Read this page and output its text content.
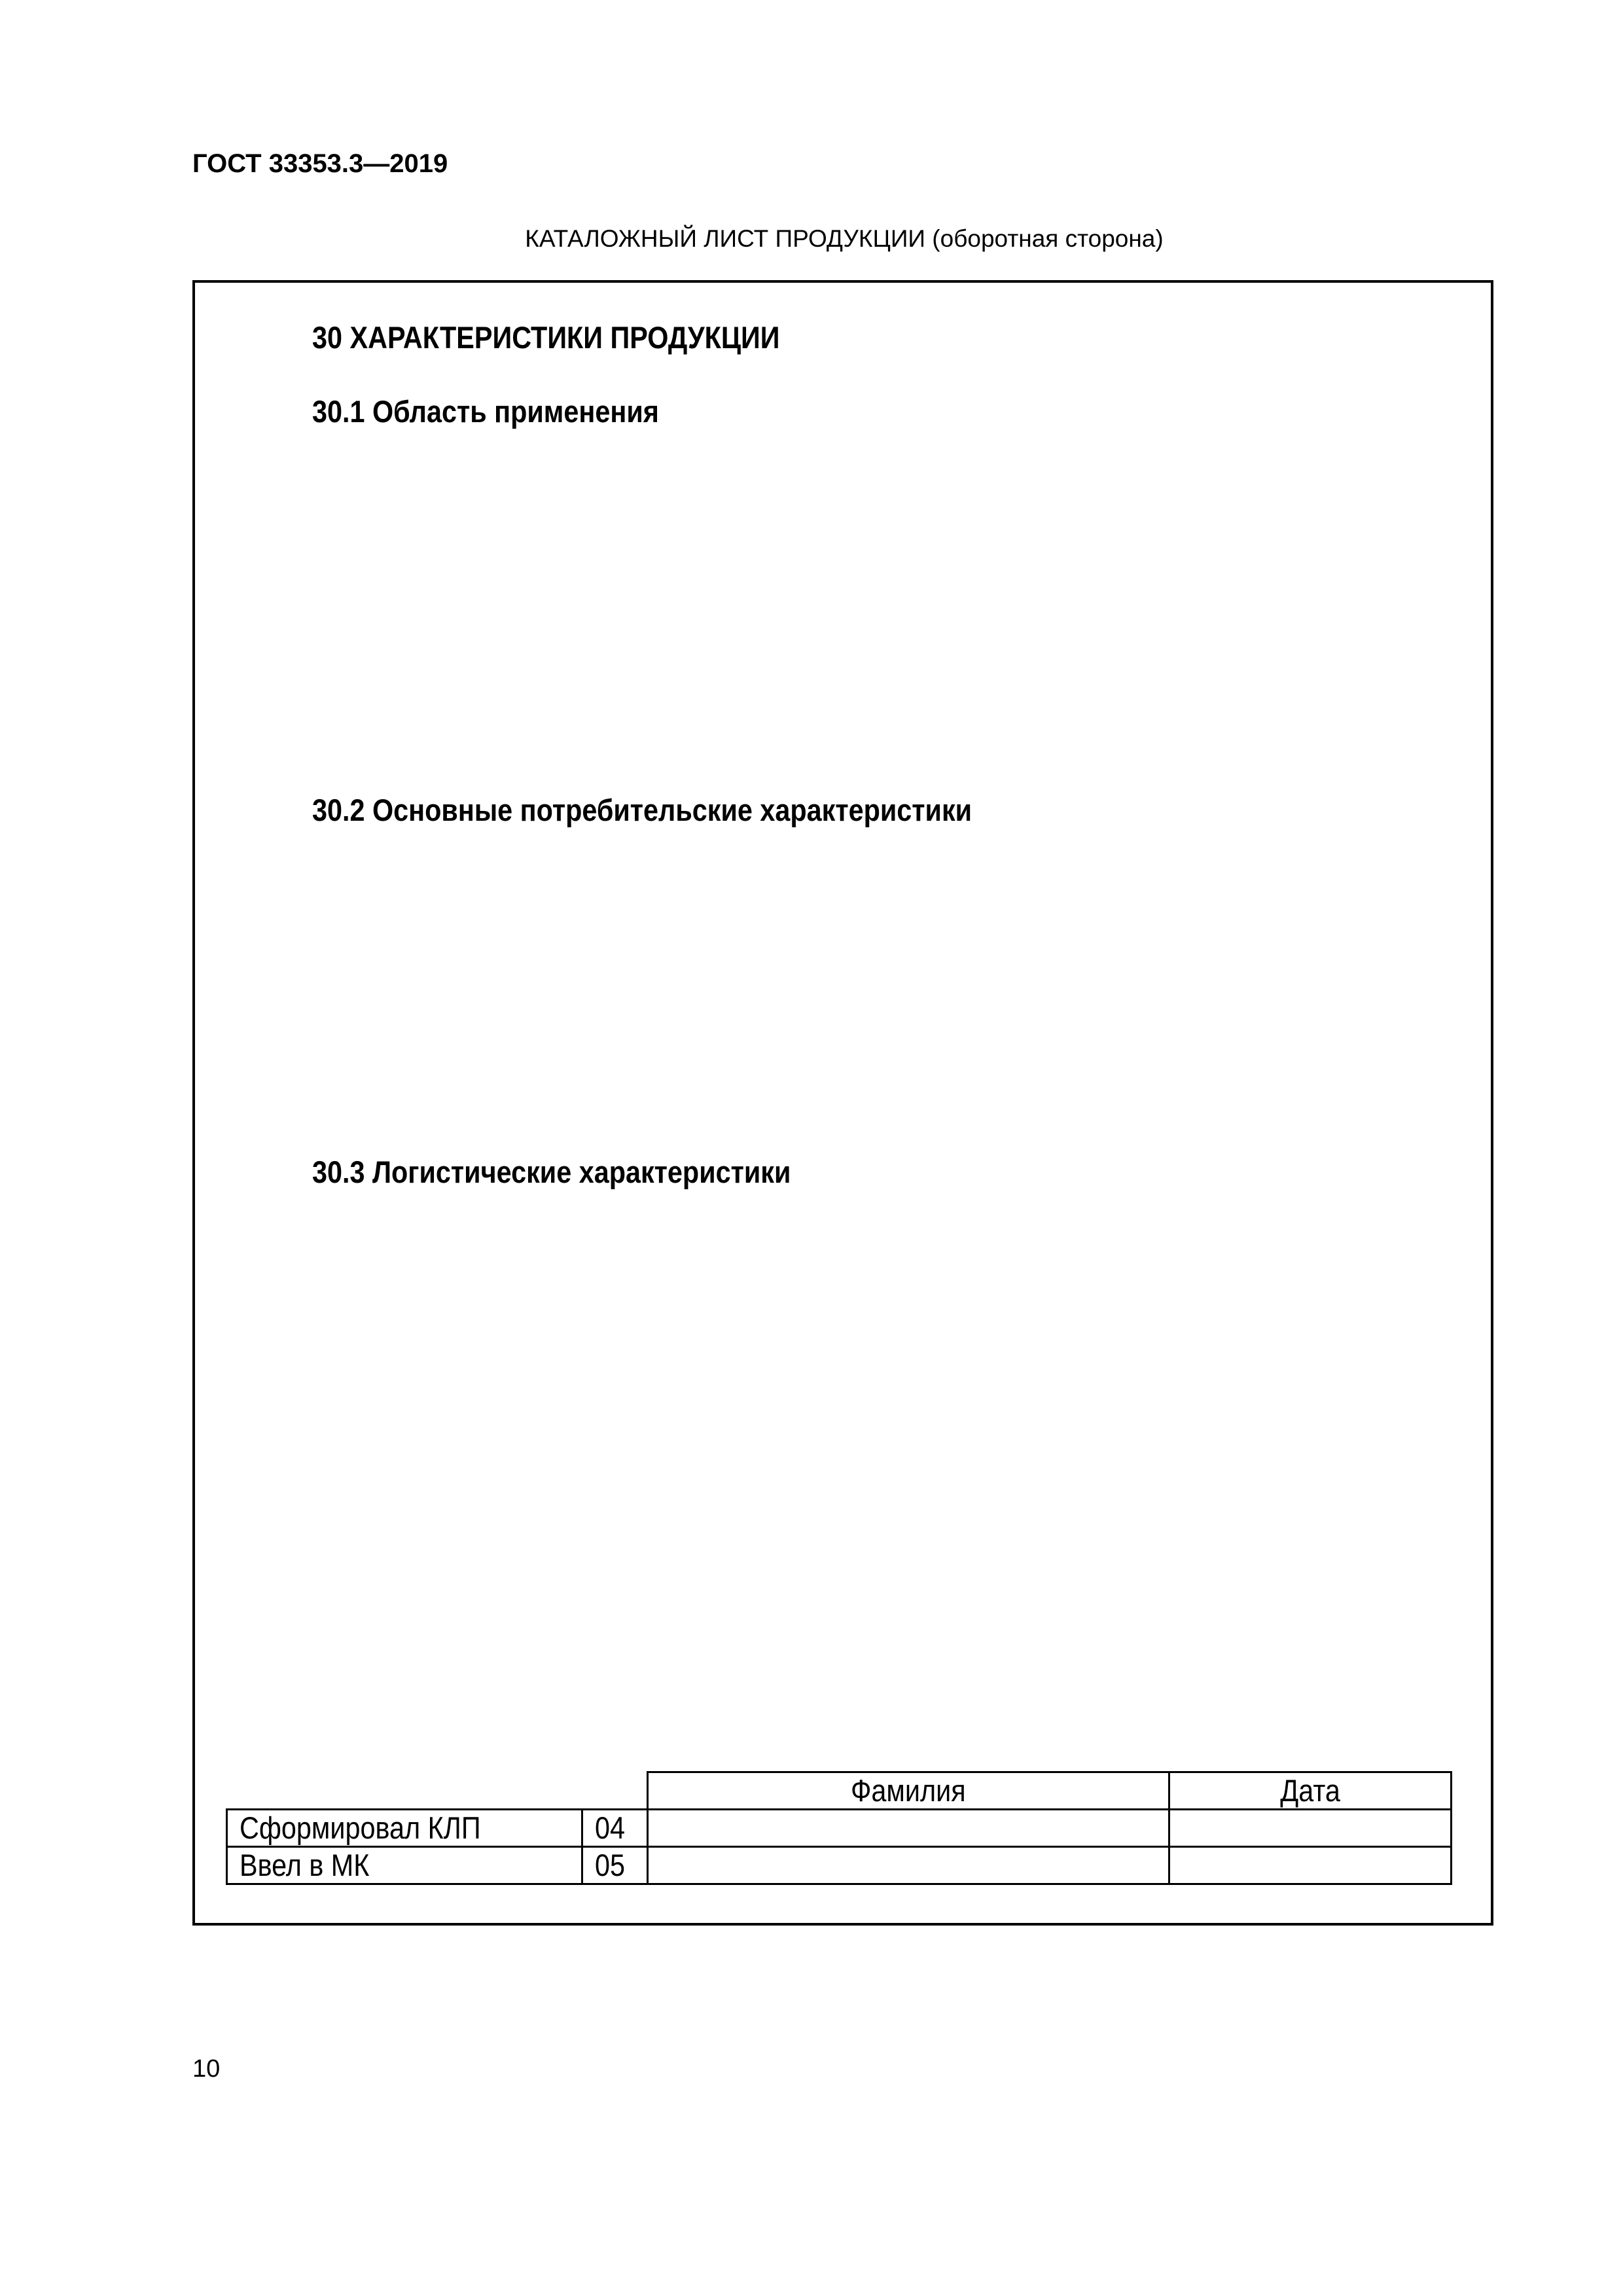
ГОСТ 33353.3—2019
КАТАЛОЖНЫЙ ЛИСТ ПРОДУКЦИИ (оборотная сторона)
30 ХАРАКТЕРИСТИКИ ПРОДУКЦИИ
30.1 Область применения
30.2 Основные потребительские характеристики
30.3 Логистические характеристики
		Фамилия	Дата
Сформировал КЛП	04		
Ввел в МК	05		
10
